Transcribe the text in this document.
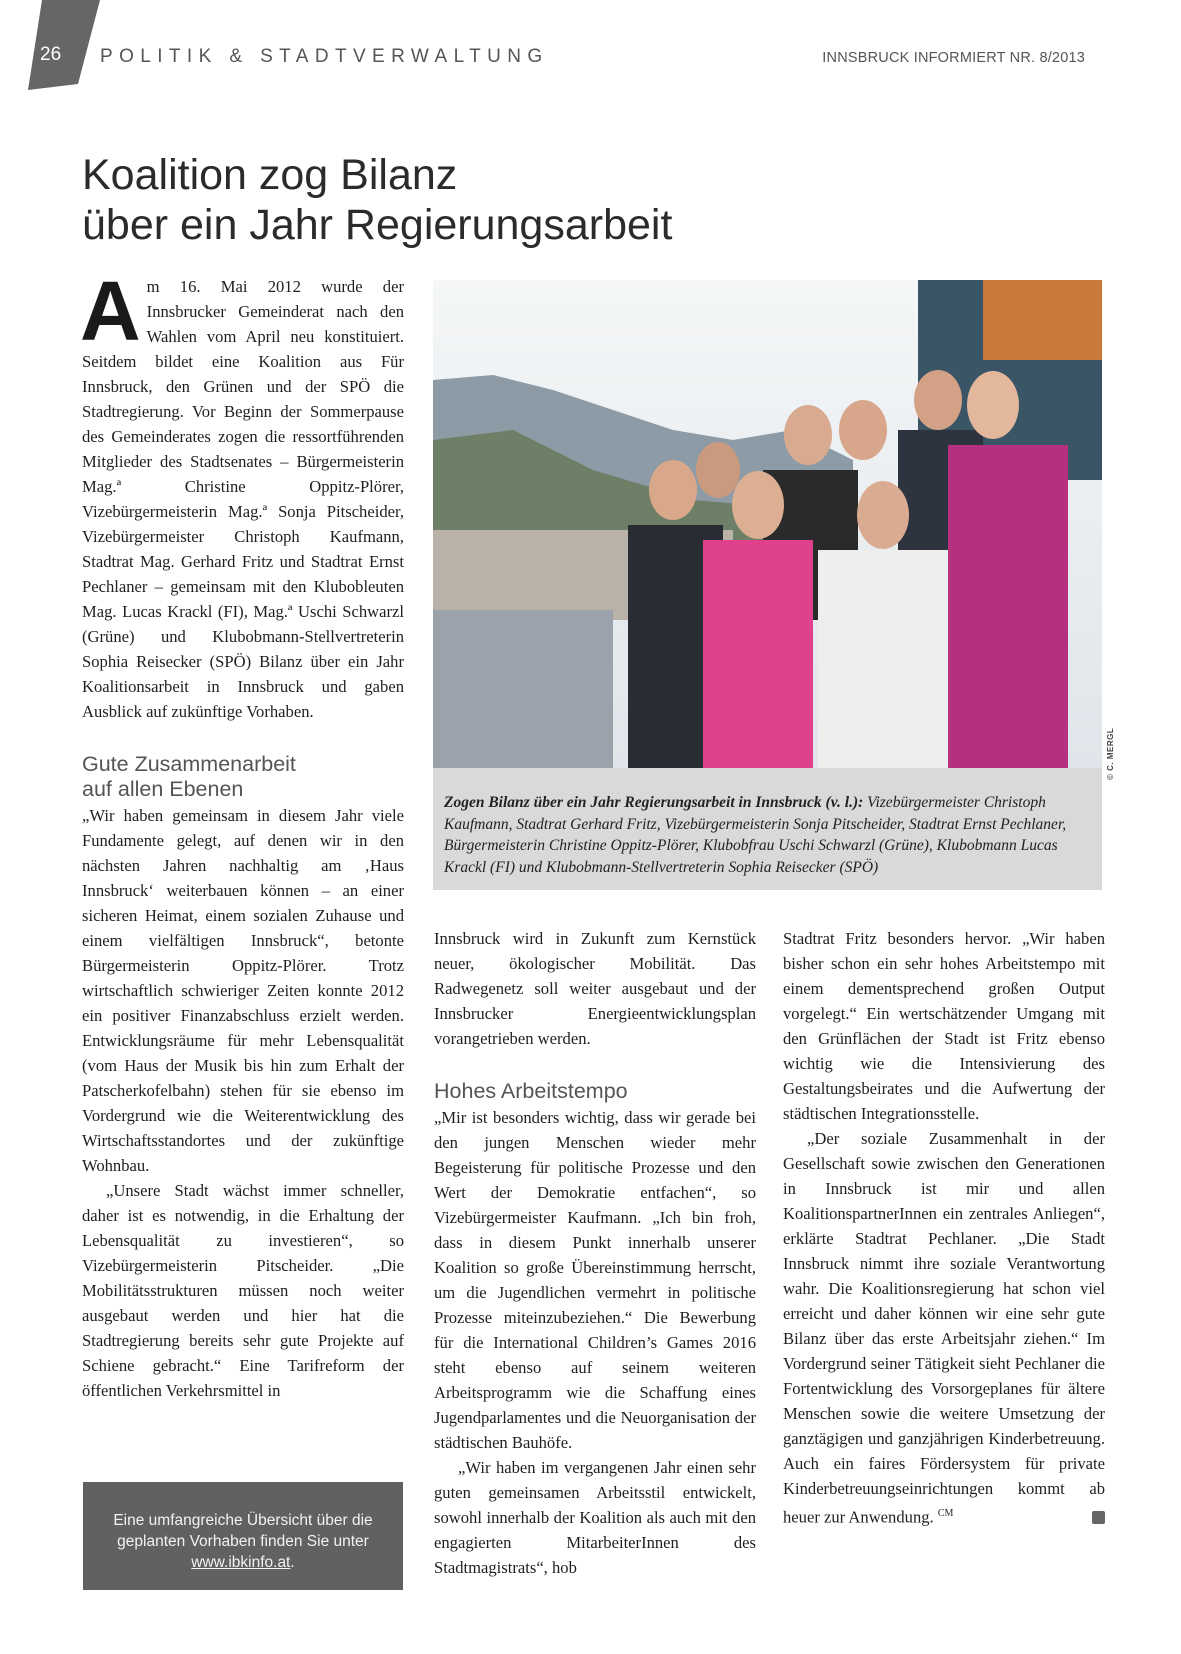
26	POLITIK & STADTVERWALTUNG	INNSBRUCK INFORMIERT NR. 8/2013
Koalition zog Bilanz
über ein Jahr Regierungsarbeit

Am 16. Mai 2012 wurde der Innsbrucker Gemeinderat nach den Wahlen vom April neu konstituiert. Seitdem bildet eine Koalition aus Für Innsbruck, den Grünen und der SPÖ die Stadtregierung. Vor Beginn der Sommerpause des Gemeinderates zogen die ressortführenden Mitglieder des Stadtsenates – Bürgermeisterin Mag.ª Christine Oppitz-Plörer, Vizebürgermeisterin Mag.ª Sonja Pitscheider, Vizebürgermeister Christoph Kaufmann, Stadtrat Mag. Gerhard Fritz und Stadtrat Ernst Pechlaner – gemeinsam mit den Klubobleuten Mag. Lucas Krackl (FI), Mag.ª Uschi Schwarzl (Grüne) und Klubobmann-Stellvertreterin Sophia Reisecker (SPÖ) Bilanz über ein Jahr Koalitionsarbeit in Innsbruck und gaben Ausblick auf zukünftige Vorhaben.

Gute Zusammenarbeit
auf allen Ebenen

„Wir haben gemeinsam in diesem Jahr viele Fundamente gelegt, auf denen wir in den nächsten Jahren nachhaltig am ‚Haus Innsbruck‘ weiterbauen können – an einer sicheren Heimat, einem sozialen Zuhause und einem vielfältigen Innsbruck“, betonte Bürgermeisterin Oppitz-Plörer. Trotz wirtschaftlich schwieriger Zeiten konnte 2012 ein positiver Finanzabschluss erzielt werden. Entwicklungsräume für mehr Lebensqualität (vom Haus der Musik bis hin zum Erhalt der Patscherkofelbahn) stehen für sie ebenso im Vordergrund wie die Weiterentwicklung des Wirtschaftsstandortes und der zukünftige Wohnbau.

„Unsere Stadt wächst immer schneller, daher ist es notwendig, in die Erhaltung der Lebensqualität zu investieren“, so Vizebürgermeisterin Pitscheider. „Die Mobilitätsstrukturen müssen noch weiter ausgebaut werden und hier hat die Stadtregierung bereits sehr gute Projekte auf Schiene gebracht.“ Eine Tarifreform der öffentlichen Verkehrsmittel in

© C. MERGL
Zogen Bilanz über ein Jahr Regierungsarbeit in Innsbruck (v. l.): Vizebürgermeister Christoph Kaufmann, Stadtrat Gerhard Fritz, Vizebürgermeisterin Sonja Pitscheider, Stadtrat Ernst Pechlaner, Bürgermeisterin Christine Oppitz-Plörer, Klubobfrau Uschi Schwarzl (Grüne), Klubobmann Lucas Krackl (FI) und Klubobmann-Stellvertreterin Sophia Reisecker (SPÖ)

Innsbruck wird in Zukunft zum Kernstück neuer, ökologischer Mobilität. Das Radwegenetz soll weiter ausgebaut und der Innsbrucker Energieentwicklungsplan vorangetrieben werden.

Hohes Arbeitstempo

„Mir ist besonders wichtig, dass wir gerade bei den jungen Menschen wieder mehr Begeisterung für politische Prozesse und den Wert der Demokratie entfachen“, so Vizebürgermeister Kaufmann. „Ich bin froh, dass in diesem Punkt innerhalb unserer Koalition so große Übereinstimmung herrscht, um die Jugendlichen vermehrt in politische Prozesse miteinzubeziehen.“ Die Bewerbung für die International Children’s Games 2016 steht ebenso auf seinem weiteren Arbeitsprogramm wie die Schaffung eines Jugendparlamentes und die Neuorganisation der städtischen Bauhöfe.

„Wir haben im vergangenen Jahr einen sehr guten gemeinsamen Arbeitsstil entwickelt, sowohl innerhalb der Koalition als auch mit den engagierten MitarbeiterInnen des Stadtmagistrats“, hob

Stadtrat Fritz besonders hervor. „Wir haben bisher schon ein sehr hohes Arbeitstempo mit einem dementsprechend großen Output vorgelegt.“ Ein wertschätzender Umgang mit den Grünflächen der Stadt ist Fritz ebenso wichtig wie die Intensivierung des Gestaltungsbeirates und die Aufwertung der städtischen Integrationsstelle.

„Der soziale Zusammenhalt in der Gesellschaft sowie zwischen den Generationen in Innsbruck ist mir und allen KoalitionspartnerInnen ein zentrales Anliegen“, erklärte Stadtrat Pechlaner. „Die Stadt Innsbruck nimmt ihre soziale Verantwortung wahr. Die Koalitionsregierung hat schon viel erreicht und daher können wir eine sehr gute Bilanz über das erste Arbeitsjahr ziehen.“ Im Vordergrund seiner Tätigkeit sieht Pechlaner die Fortentwicklung des Vorsorgeplanes für ältere Menschen sowie die weitere Umsetzung der ganztägigen und ganzjährigen Kinderbetreuung. Auch ein faires Fördersystem für private Kinderbetreuungseinrichtungen kommt ab heuer zur Anwendung. $^{CM}$

Eine umfangreiche Übersicht über die geplanten Vorhaben finden Sie unter www.ibkinfo.at.
